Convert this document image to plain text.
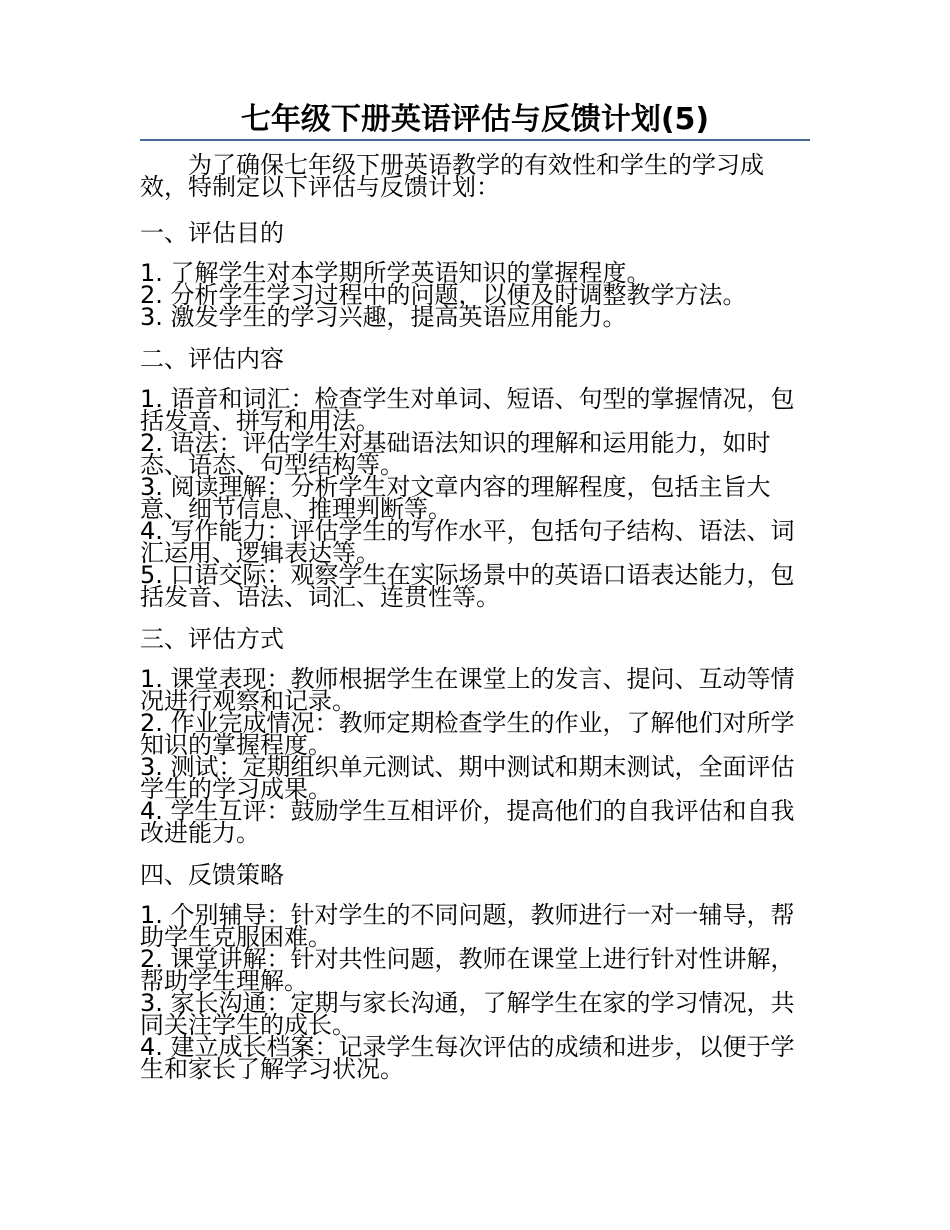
七年级下册英语评估与反馈计划(5)

为了确保七年级下册英语教学的有效性和学生的学习成效，特制定以下评估与反馈计划：

一、评估目的

1. 了解学生对本学期所学英语知识的掌握程度。
2. 分析学生学习过程中的问题，以便及时调整教学方法。
3. 激发学生的学习兴趣，提高英语应用能力。

二、评估内容

1. 语音和词汇：检查学生对单词、短语、句型的掌握情况，包括发音、拼写和用法。
2. 语法：评估学生对基础语法知识的理解和运用能力，如时态、语态、句型结构等。
3. 阅读理解：分析学生对文章内容的理解程度，包括主旨大意、细节信息、推理判断等。
4. 写作能力：评估学生的写作水平，包括句子结构、语法、词汇运用、逻辑表达等。
5. 口语交际：观察学生在实际场景中的英语口语表达能力，包括发音、语法、词汇、连贯性等。

三、评估方式

1. 课堂表现：教师根据学生在课堂上的发言、提问、互动等情况进行观察和记录。
2. 作业完成情况：教师定期检查学生的作业，了解他们对所学知识的掌握程度。
3. 测试：定期组织单元测试、期中测试和期末测试，全面评估学生的学习成果。
4. 学生互评：鼓励学生互相评价，提高他们的自我评估和自我改进能力。

四、反馈策略

1. 个别辅导：针对学生的不同问题，教师进行一对一辅导，帮助学生克服困难。
2. 课堂讲解：针对共性问题，教师在课堂上进行针对性讲解，帮助学生理解。
3. 家长沟通：定期与家长沟通，了解学生在家的学习情况，共同关注学生的成长。
4. 建立成长档案：记录学生每次评估的成绩和进步，以便于学生和家长了解学习状况。
